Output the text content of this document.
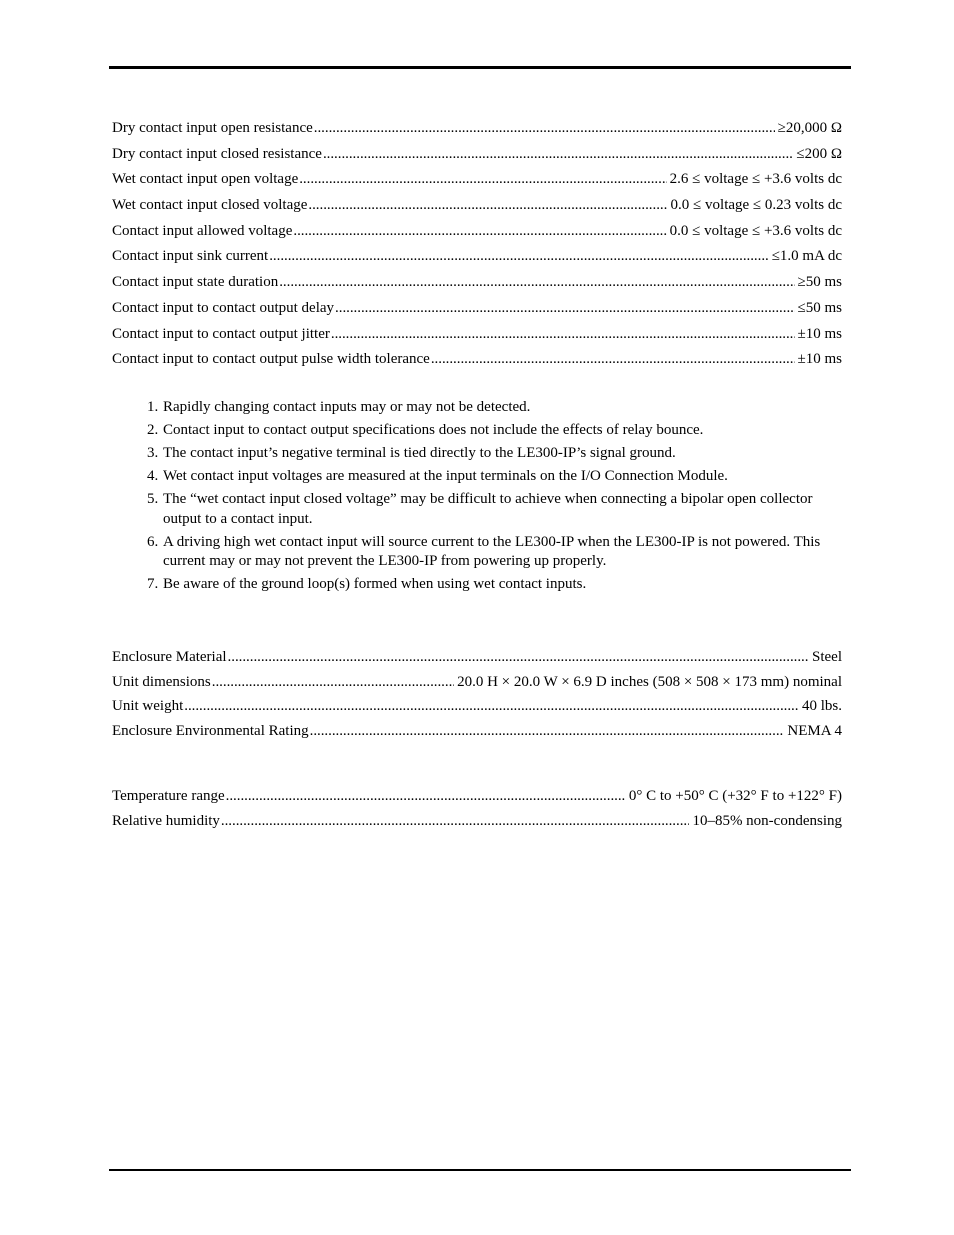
Dry contact input open resistance . . .	≥20,000 Ω
Dry contact input closed resistance . . .	≤200 Ω
Wet contact input open voltage . . .	2.6 ≤ voltage ≤ +3.6 volts dc
Wet contact input closed voltage . . .	0.0 ≤ voltage ≤ 0.23 volts dc
Contact input allowed voltage . . .	0.0 ≤ voltage ≤ +3.6 volts dc
Contact input sink current . . .	≤1.0 mA dc
Contact input state duration . . .	≥50 ms
Contact input to contact output delay . . .	≤50 ms
Contact input to contact output jitter . . .	±10 ms
Contact input to contact output pulse width tolerance . . .	±10 ms
1. Rapidly changing contact inputs may or may not be detected.
2. Contact input to contact output specifications does not include the effects of relay bounce.
3. The contact input’s negative terminal is tied directly to the LE300-IP’s signal ground.
4. Wet contact input voltages are measured at the input terminals on the I/O Connection Module.
5. The “wet contact input closed voltage” may be difficult to achieve when connecting a bipolar open collector output to a contact input.
6. A driving high wet contact input will source current to the LE300-IP when the LE300-IP is not powered. This current may or may not prevent the LE300-IP from powering up properly.
7. Be aware of the ground loop(s) formed when using wet contact inputs.
Enclosure Material . . .	Steel
Unit dimensions . . .	20.0 H × 20.0 W × 6.9 D inches (508 × 508 × 173 mm) nominal
Unit weight . . .	40 lbs.
Enclosure Environmental Rating . . .	NEMA 4
Temperature range . . .	0° C to +50° C (+32° F to +122° F)
Relative humidity . . .	10–85% non-condensing
